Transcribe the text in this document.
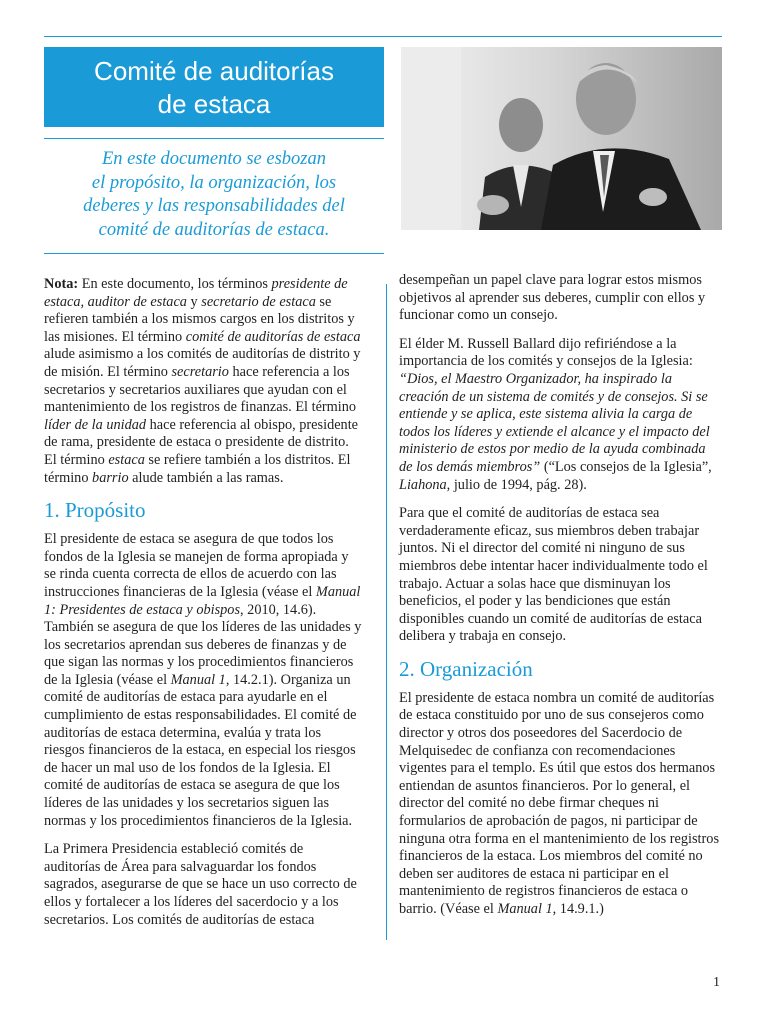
Comité de auditorías
de estaca
En este documento se esbozan
el propósito, la organización, los
deberes y las responsabilidades del
comité de auditorías de estaca.

Nota: En este documento, los términos presidente de estaca, auditor de estaca y secretario de estaca se refieren también a los mismos cargos en los distritos y las misiones. El término comité de auditorías de estaca alude asimismo a los comités de auditorías de distrito y de misión. El término secretario hace referencia a los secretarios y secretarios auxiliares que ayudan con el mantenimiento de los registros de finanzas. El término líder de la unidad hace referencia al obispo, presidente de rama, presidente de estaca o presidente de distrito. El término estaca se refiere también a los distritos. El término barrio alude también a las ramas.

1. Propósito

El presidente de estaca se asegura de que todos los fondos de la Iglesia se manejen de forma apropiada y se rinda cuenta correcta de ellos de acuerdo con las instrucciones financieras de la Iglesia (véase el Manual 1: Presidentes de estaca y obispos, 2010, 14.6). También se asegura de que los líderes de las unidades y los secretarios aprendan sus deberes de finanzas y de que sigan las normas y los procedimientos financieros de la Iglesia (véase el Manual 1, 14.2.1). Organiza un comité de auditorías de estaca para ayudarle en el cumplimiento de estas responsabilidades. El comité de auditorías de estaca determina, evalúa y trata los riesgos financieros de la estaca, en especial los riesgos de hacer un mal uso de los fondos de la Iglesia. El comité de auditorías de estaca se asegura de que los líderes de las unidades y los secretarios siguen las normas y los procedimientos financieros de la Iglesia.

La Primera Presidencia estableció comités de auditorías de Área para salvaguardar los fondos sagrados, asegurarse de que se hace un uso correcto de ellos y fortalecer a los líderes del sacerdocio y a los secretarios. Los comités de auditorías de estaca

desempeñan un papel clave para lograr estos mismos objetivos al aprender sus deberes, cumplir con ellos y funcionar como un consejo.

El élder M. Russell Ballard dijo refiriéndose a la importancia de los comités y consejos de la Iglesia: “Dios, el Maestro Organizador, ha inspirado la creación de un sistema de comités y de consejos. Si se entiende y se aplica, este sistema alivia la carga de todos los líderes y extiende el alcance y el impacto del ministerio de estos por medio de la ayuda combinada de los demás miembros” (“Los consejos de la Iglesia”, Liahona, julio de 1994, pág. 28).

Para que el comité de auditorías de estaca sea verdaderamente eficaz, sus miembros deben trabajar juntos. Ni el director del comité ni ninguno de sus miembros debe intentar hacer individualmente todo el trabajo. Actuar a solas hace que disminuyan los beneficios, el poder y las bendiciones que están disponibles cuando un comité de auditorías de estaca delibera y trabaja en consejo.

2. Organización

El presidente de estaca nombra un comité de auditorías de estaca constituido por uno de sus consejeros como director y otros dos poseedores del Sacerdocio de Melquisedec de confianza con recomendaciones vigentes para el templo. Es útil que estos dos hermanos entiendan de asuntos financieros. Por lo general, el director del comité no debe firmar cheques ni formularios de aprobación de pagos, ni participar de ninguna otra forma en el mantenimiento de los registros financieros de la estaca. Los miembros del comité no deben ser auditores de estaca ni participar en el mantenimiento de registros financieros de estaca o barrio. (Véase el Manual 1, 14.9.1.)

1
